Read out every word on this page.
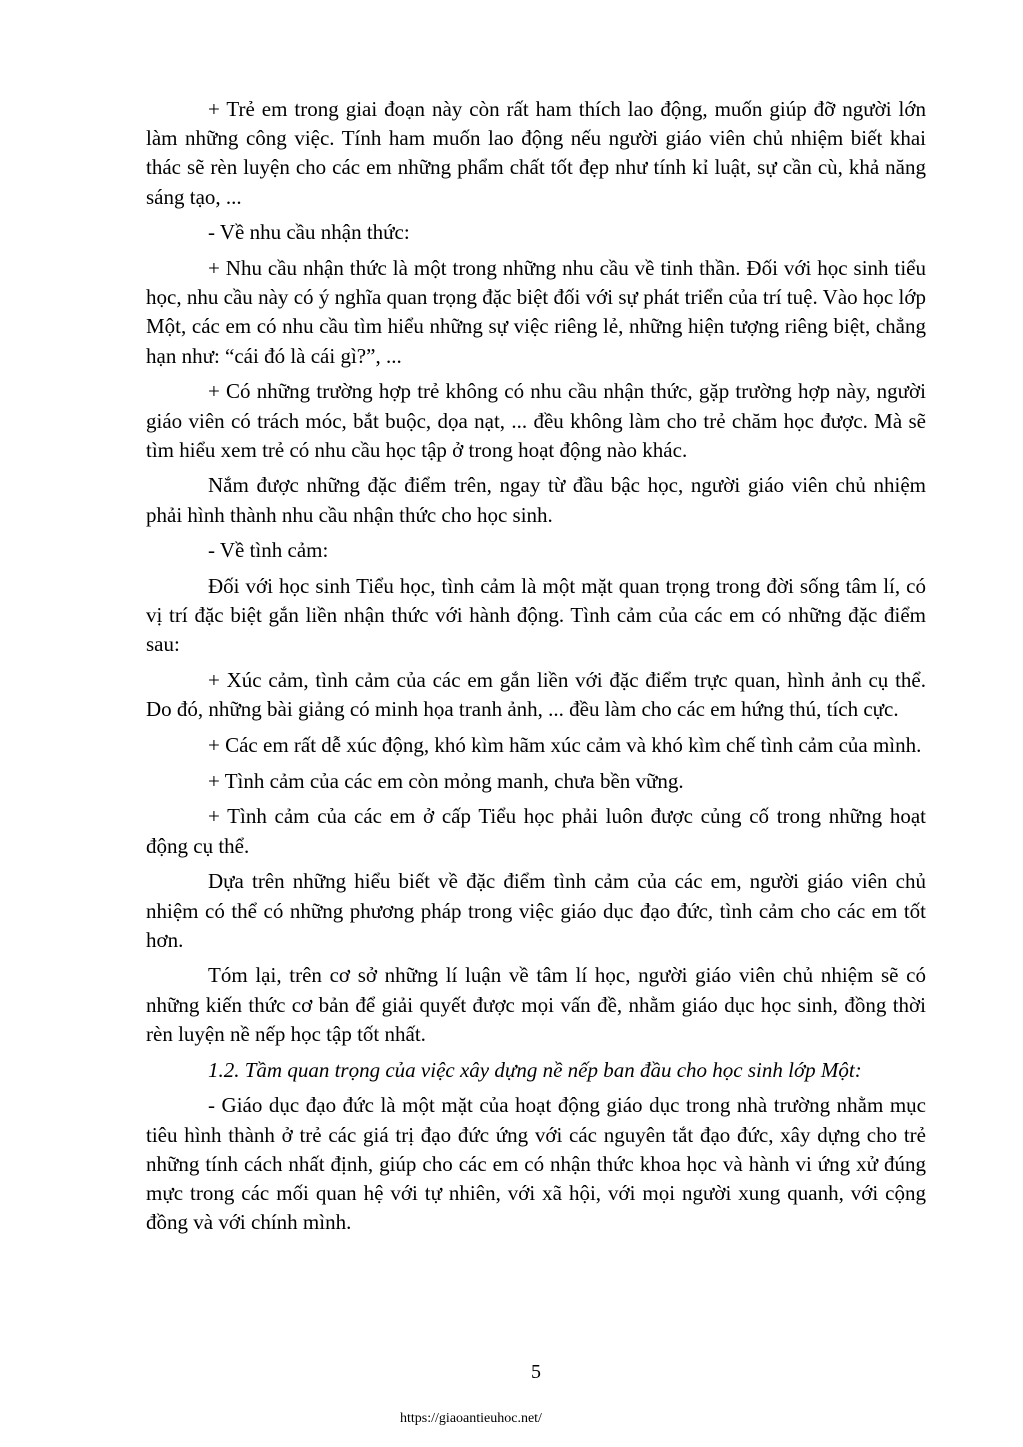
+ Trẻ em trong giai đoạn này còn rất ham thích lao động, muốn giúp đỡ người lớn làm những công việc. Tính ham muốn lao động nếu người giáo viên chủ nhiệm biết khai thác sẽ rèn luyện cho các em những phẩm chất tốt đẹp như tính kỉ luật, sự cần cù, khả năng sáng tạo, ...

- Về nhu cầu nhận thức:

+ Nhu cầu nhận thức là một trong những nhu cầu về tinh thần. Đối với học sinh tiểu học, nhu cầu này có ý nghĩa quan trọng đặc biệt đối với sự phát triển của trí tuệ. Vào học lớp Một, các em có nhu cầu tìm hiểu những sự việc riêng lẻ, những hiện tượng riêng biệt, chẳng hạn như: “cái đó là cái gì?”, ...

+ Có những trường hợp trẻ không có nhu cầu nhận thức, gặp trường hợp này, người giáo viên có trách móc, bắt buộc, dọa nạt, ... đều không làm cho trẻ chăm học được. Mà sẽ tìm hiểu xem trẻ có nhu cầu học tập ở trong hoạt động nào khác.

Nắm được những đặc điểm trên, ngay từ đầu bậc học, người giáo viên chủ nhiệm phải hình thành nhu cầu nhận thức cho học sinh.

- Về tình cảm:

Đối với học sinh Tiểu học, tình cảm là một mặt quan trọng trong đời sống tâm lí, có vị trí đặc biệt gắn liền nhận thức với hành động. Tình cảm của các em có những đặc điểm sau:

+ Xúc cảm, tình cảm của các em gắn liền với đặc điểm trực quan, hình ảnh cụ thể. Do đó, những bài giảng có minh họa tranh ảnh, ... đều làm cho các em hứng thú, tích cực.

+ Các em rất dễ xúc động, khó kìm hãm xúc cảm và khó kìm chế tình cảm của mình.

+ Tình cảm của các em còn mỏng manh, chưa bền vững.

+ Tình cảm của các em ở cấp Tiểu học phải luôn được củng cố trong những hoạt động cụ thể.

Dựa trên những hiểu biết về đặc điểm tình cảm của các em, người giáo viên chủ nhiệm có thể có những phương pháp trong việc giáo dục đạo đức, tình cảm cho các em tốt hơn.

Tóm lại, trên cơ sở những lí luận về tâm lí học, người giáo viên chủ nhiệm sẽ có những kiến thức cơ bản để giải quyết được mọi vấn đề, nhằm giáo dục học sinh, đồng thời rèn luyện nề nếp học tập tốt nhất.

1.2. Tầm quan trọng của việc xây dựng nề nếp ban đầu cho học sinh lớp Một:

- Giáo dục đạo đức là một mặt của hoạt động giáo dục trong nhà trường nhằm mục tiêu hình thành ở trẻ các giá trị đạo đức ứng với các nguyên tắt đạo đức, xây dựng cho trẻ những tính cách nhất định, giúp cho các em có nhận thức khoa học và hành vi ứng xử đúng mực trong các mối quan hệ với tự nhiên, với xã hội, với mọi người xung quanh, với cộng đồng và với chính mình.

5
https://giaoantieuhoc.net/
